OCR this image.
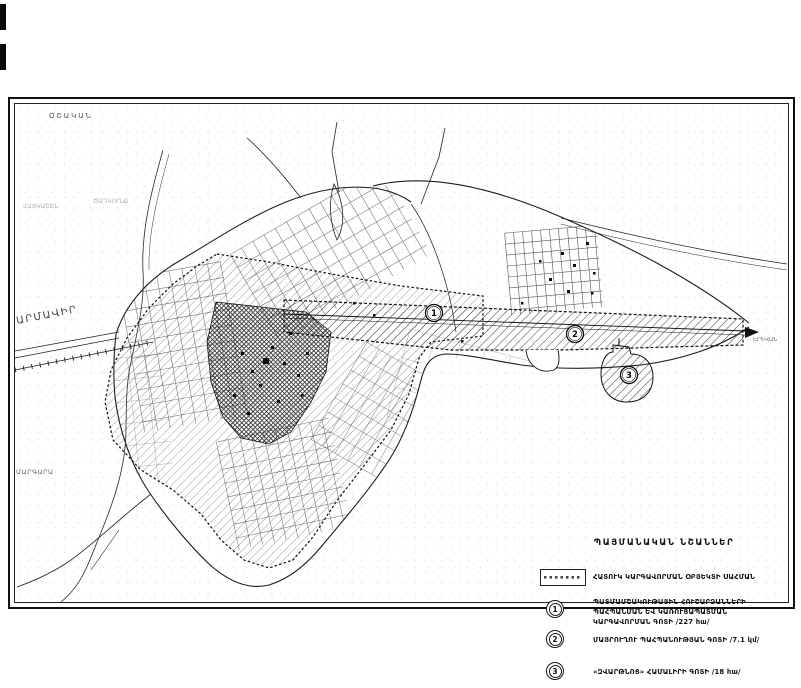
1
2
3
ՕՇԱԿԱՆ
ՀԱՅԿԱՇԵՆ
ԾԱՂԿՈՒՆՔ
ԱՐՄԱՎԻՐ
ՄԱՐԳԱՐԱ
ԵՐԵՎԱՆ
ՊԱՅՄԱՆԱԿԱՆ ՆՇԱՆՆԵՐ
ՀԱՏՈՒԿ ԿԱՐԳԱՎՈՐՄԱՆ ՕԲՅԵԿՏԻ ՍԱՀՄԱՆ
1
ՊԱՏՄԱՄՇԱԿՈՒԹԱՅԻՆ ՀՈՒՇԱՐՁԱՆՆԵՐԻ
ՊԱՀՊԱՆՄԱՆ ԵՎ ԿԱՌՈՒՑԱՊԱՏՄԱՆ
ԿԱՐԳԱՎՈՐՄԱՆ ԳՈՏԻ /227 հա/
2	ՄԱՅՐՈՒՂՈՒ ՊԱՀՊԱՆՈՒԹՅԱՆ ԳՈՏԻ /7.1 կմ/
3	«ԶՎԱՐԹՆՈՑ» ՀԱՄԱԼԻՐԻ ԳՈՏԻ /18 հա/
